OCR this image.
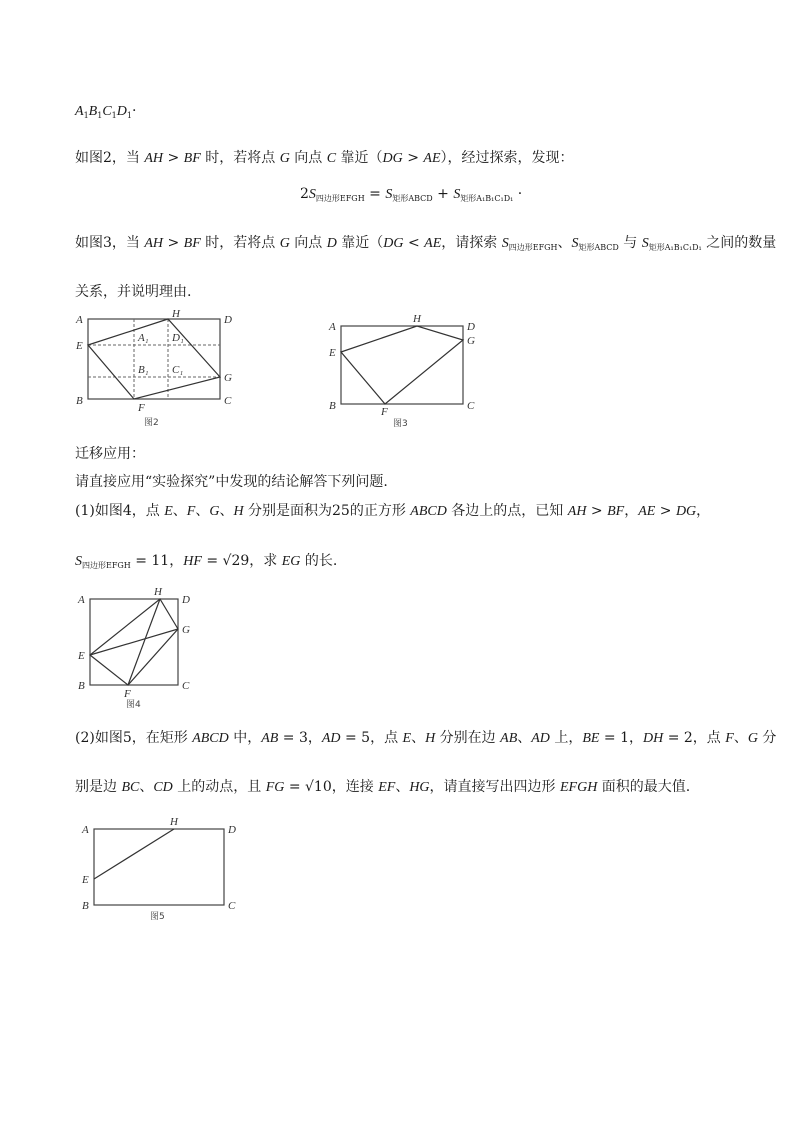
$A_1B_1C_1D_1\cdot$
如图2，当 AH > BF 时，若将点 G 向点 C 靠近（DG > AE），经过探索，发现：
$2S_{四边形EFGH} = S_{矩形ABCD} + S_{矩形A_1B_1C_1D_1}$ ·
如图3，当 AH > BF 时，若将点 G 向点 D 靠近（DG < AE，请探索 $S_{四边形EFGH}$、$S_{矩形ABCD}$ 与 $S_{矩形A_1B_1C_1D_1}$ 之间的数量
关系，并说明理由.
A	H	D
E
A₁ D₁
B₁ C₁
G
B
F
C
图2
A
H
D
E
G
B	F	C
图3
迁移应用：
请直接应用“实验探究”中发现的结论解答下列问题.
(1)如图4，点 E、F、G、H 分别是面积为25的正方形 ABCD 各边上的点，已知 AH > BF，AE > DG，
$S_{四边形EFGH} = 11$，HF = √29，求 EG 的长.
A
H
D
G
E
B
F
C
图4
(2)如图5，在矩形 ABCD 中，AB = 3，AD = 5，点 E、H 分别在边 AB、AD 上，BE = 1，DH = 2，点 F、G 分
别是边 BC、CD 上的动点，且 FG = √10，连接 EF、HG，请直接写出四边形 EFGH 面积的最大值.
A
H
D
E
B	C
图5
